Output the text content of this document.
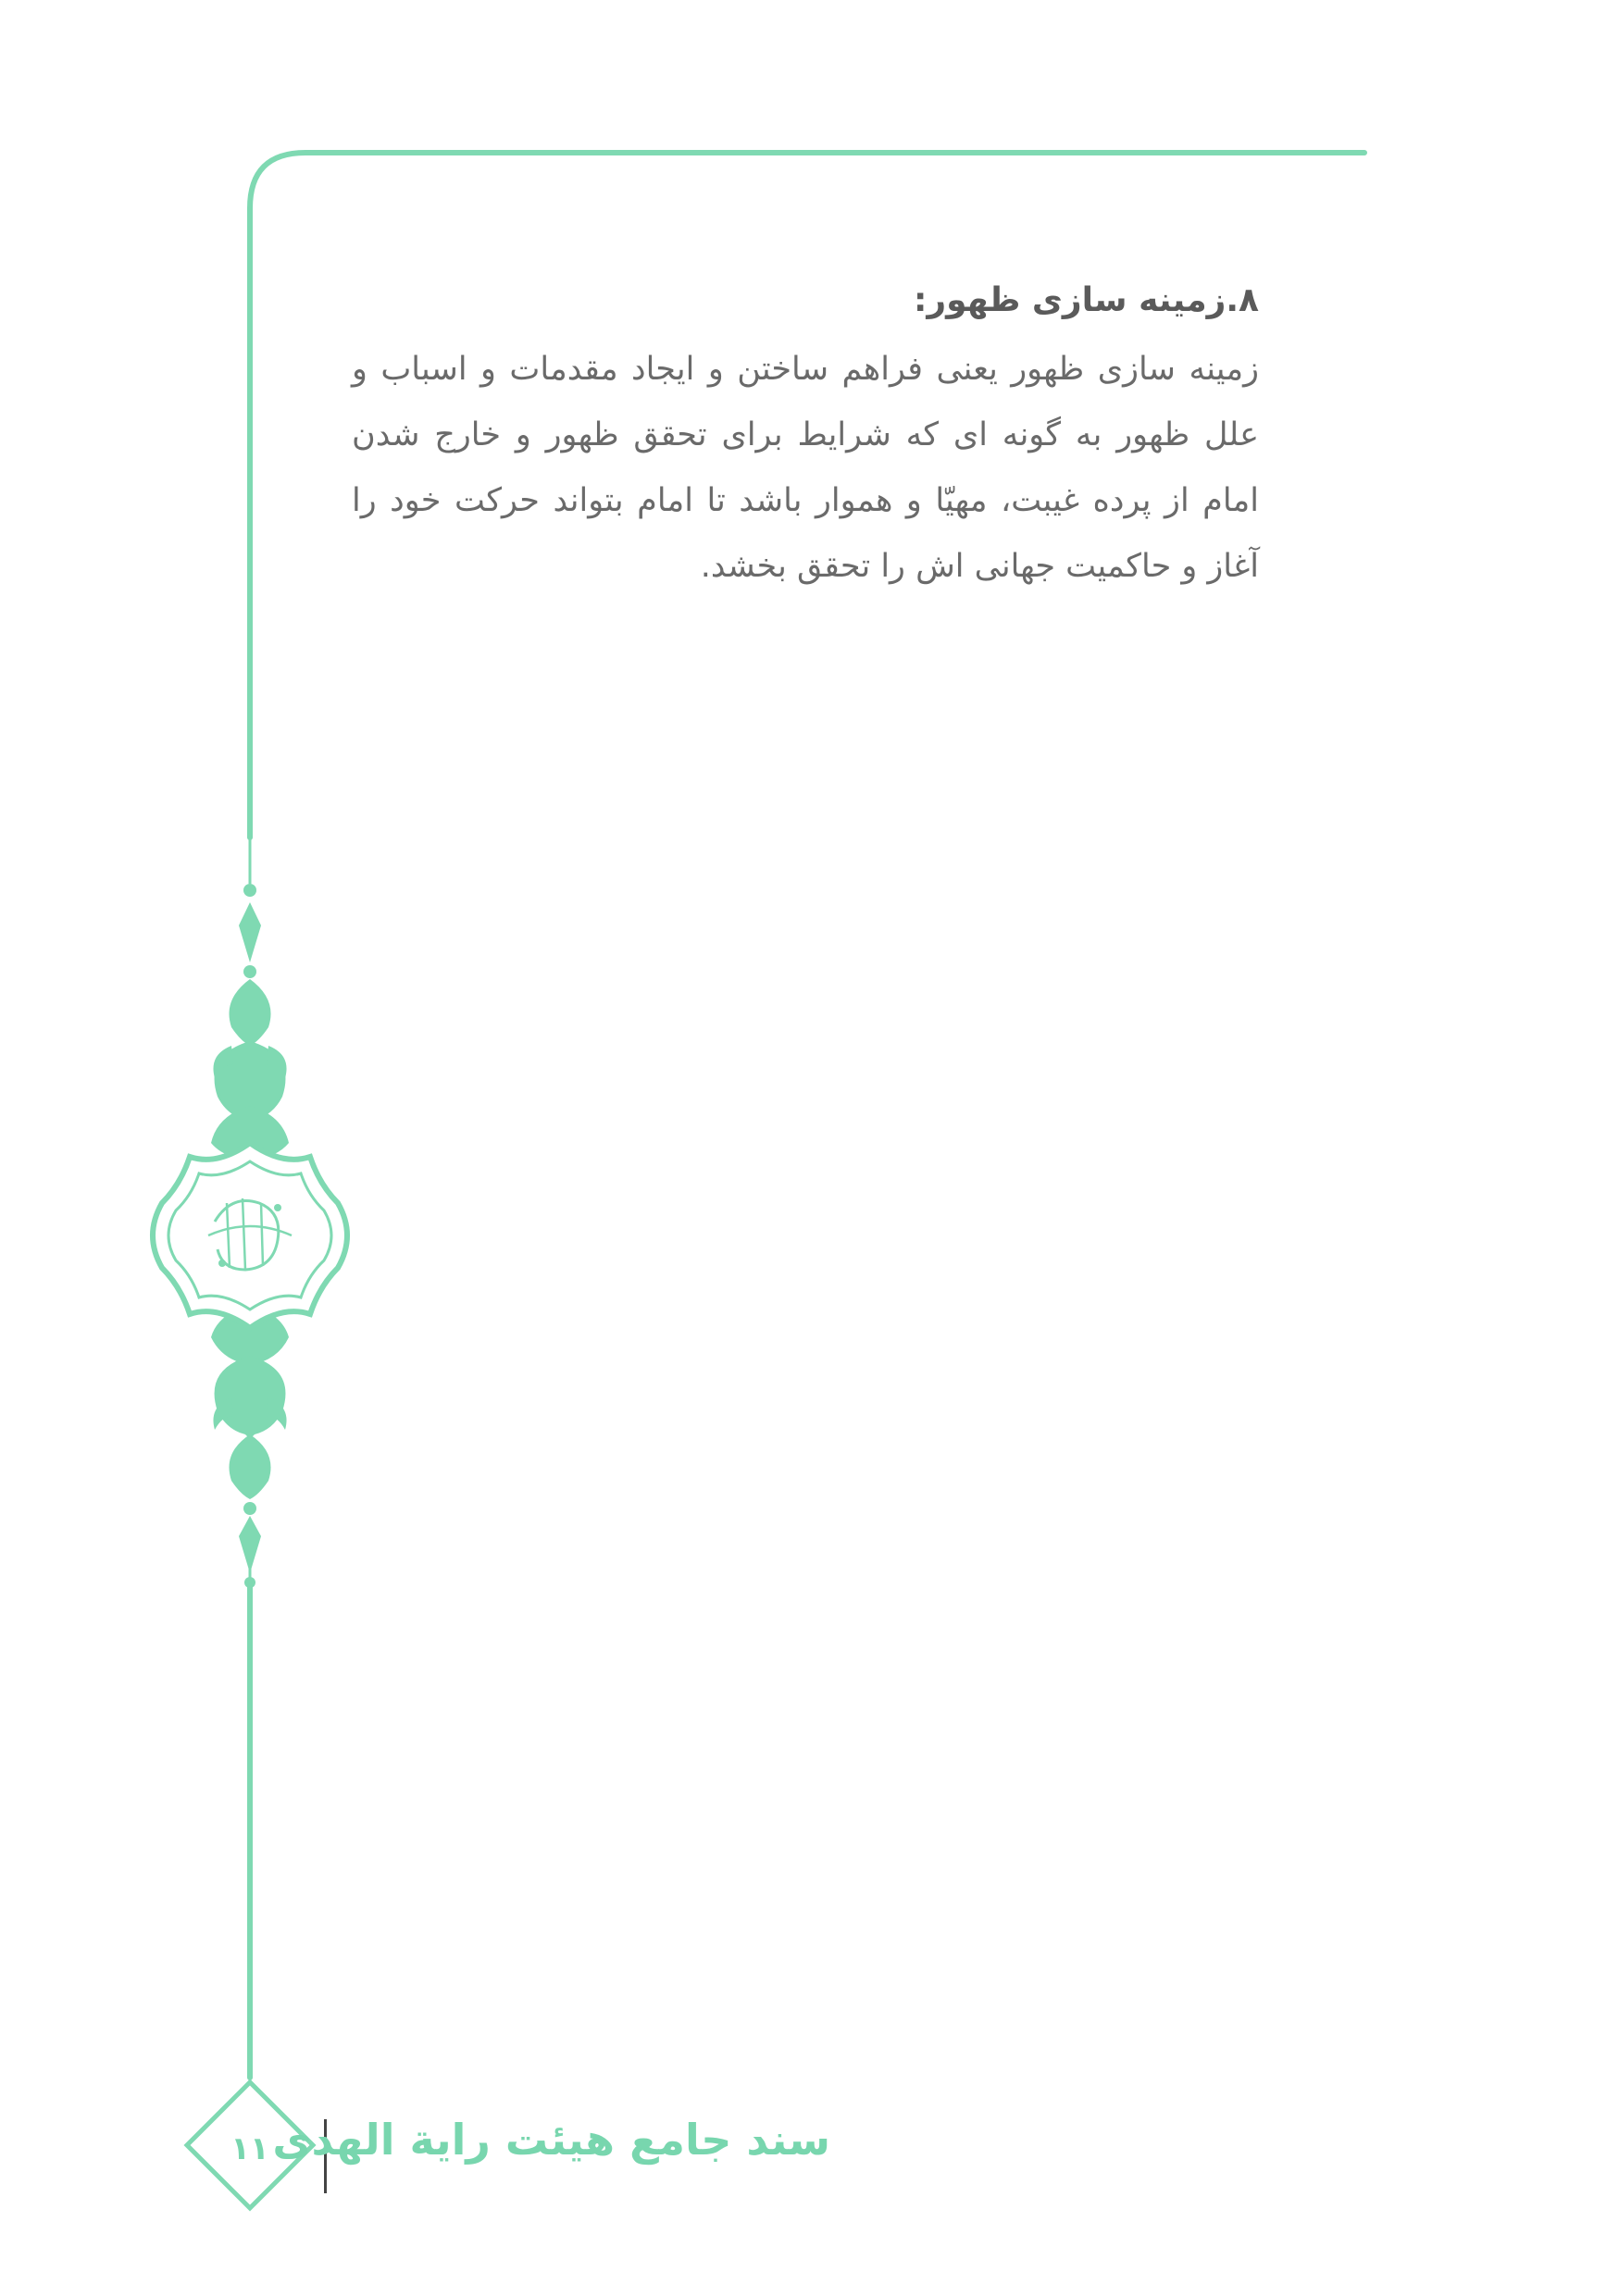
۸.زمینه سازی ظهور:

زمینه سازی ظهور یعنی فراهم ساختن و ایجاد مقدمات و اسباب و علل ظهور به گونه ای که شرایط برای تحقق ظهور و خارج شدن امام از پرده غیبت، مهیّا و هموار باشد تا امام بتواند حرکت خود را آغاز و حاکمیت جهانی اش را تحقق بخشد.

۱۱ سند جامع هیئت رایة الهدی
